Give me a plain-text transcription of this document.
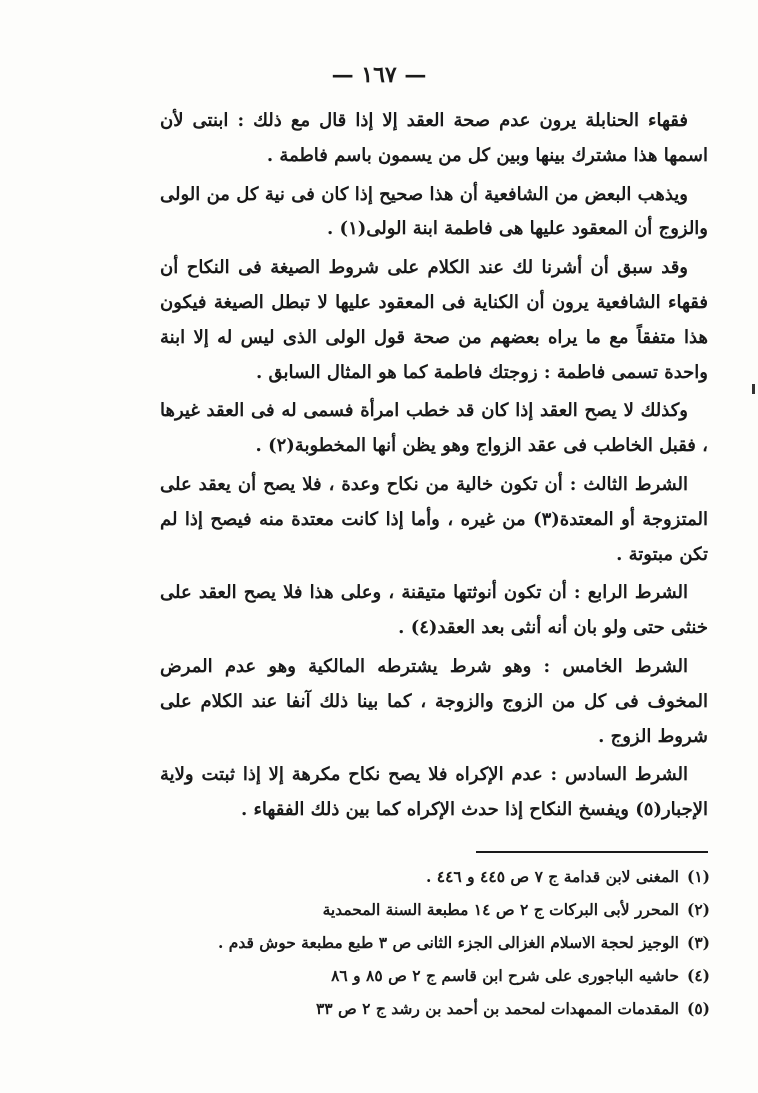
— ١٦٧ —

فقهاء الحنابلة يرون عدم صحة العقد إلا إذا قال مع ذلك : ابنتى لأن اسمها هذا مشترك بينها وبين كل من يسمون باسم فاطمة .

ويذهب البعض من الشافعية أن هذا صحيح إذا كان فى نية كل من الولى والزوج أن المعقود عليها هى فاطمة ابنة الولى(١) .

وقد سبق أن أشرنا لك عند الكلام على شروط الصيغة فى النكاح أن فقهاء الشافعية يرون أن الكناية فى المعقود عليها لا تبطل الصيغة فيكون هذا متفقاً مع ما يراه بعضهم من صحة قول الولى الذى ليس له إلا ابنة واحدة تسمى فاطمة : زوجتك فاطمة كما هو المثال السابق .

وكذلك لا يصح العقد إذا كان قد خطب امرأة فسمى له فى العقد غيرها ، فقبل الخاطب فى عقد الزواج وهو يظن أنها المخطوبة(٢) .

الشرط الثالث : أن تكون خالية من نكاح وعدة ، فلا يصح أن يعقد على المتزوجة أو المعتدة(٣) من غيره ، وأما إذا كانت معتدة منه فيصح إذا لم تكن مبتوتة .

الشرط الرابع : أن تكون أنوثتها متيقنة ، وعلى هذا فلا يصح العقد على خنثى حتى ولو بان أنه أنثى بعد العقد(٤) .

الشرط الخامس : وهو شرط يشترطه المالكية وهو عدم المرض المخوف فى كل من الزوج والزوجة ، كما بينا ذلك آنفا عند الكلام على شروط الزوج .

الشرط السادس : عدم الإكراه فلا يصح نكاح مكرهة إلا إذا ثبتت ولاية الإجبار(٥) ويفسخ النكاح إذا حدث الإكراه كما بين ذلك الفقهاء .

(١)المغنى لابن قدامة ج ٧ ص ٤٤٥ و ٤٤٦ .

(٢)المحرر لأبى البركات ج ٢ ص ١٤ مطبعة السنة المحمدية

(٣)الوجيز لحجة الاسلام الغزالى الجزء الثانى ص ٣ طبع مطبعة حوش قدم .

(٤)حاشيه الباجورى على شرح ابن قاسم ج ٢ ص ٨٥ و ٨٦

(٥)المقدمات الممهدات لمحمد بن أحمد بن رشد ج ٢ ص ٣٣
